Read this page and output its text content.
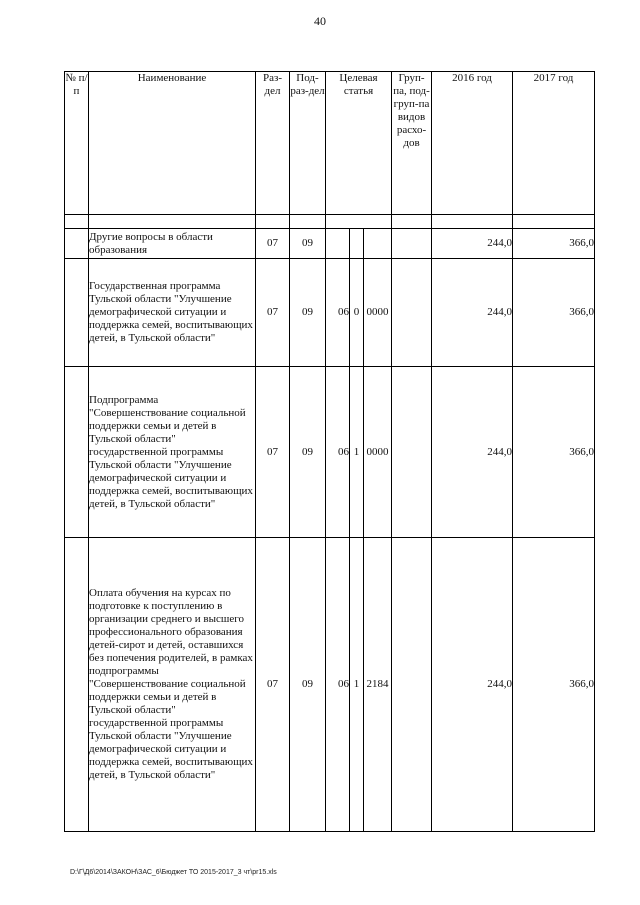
40
№ п/п	Наименование	Раз-дел	Под-раз-дел	Целевая статья			Груп-па, под-груп-па видов расхо-дов	2016 год	2017 год

	Другие вопросы в области образования	07	09					244,0	366,0
	Государственная программа Тульской области "Улучшение демографической ситуации и поддержка семей, воспитывающих детей, в Тульской области"	07	09	06	0	0000		244,0	366,0
	Подпрограмма "Совершенствование социальной поддержки семьи и детей в Тульской области" государственной программы Тульской области "Улучшение демографической ситуации и поддержка семей, воспитывающих детей, в Тульской области"	07	09	06	1	0000		244,0	366,0
	Оплата обучения на курсах по подготовке к поступлению в организации среднего и высшего профессионального образования детей-сирот и детей, оставшихся без попечения родителей, в рамках подпрограммы "Совершенствование социальной поддержки семьи и детей в Тульской области" государственной программы Тульской области "Улучшение демографической ситуации и поддержка семей, воспитывающих детей, в Тульской области"	07	09	06	1	2184		244,0	366,0
D:\Г\Д6\2014\ЗАКОН\ЗАС_6\Бюджет ТО 2015-2017_3 чт\pr15.xls
